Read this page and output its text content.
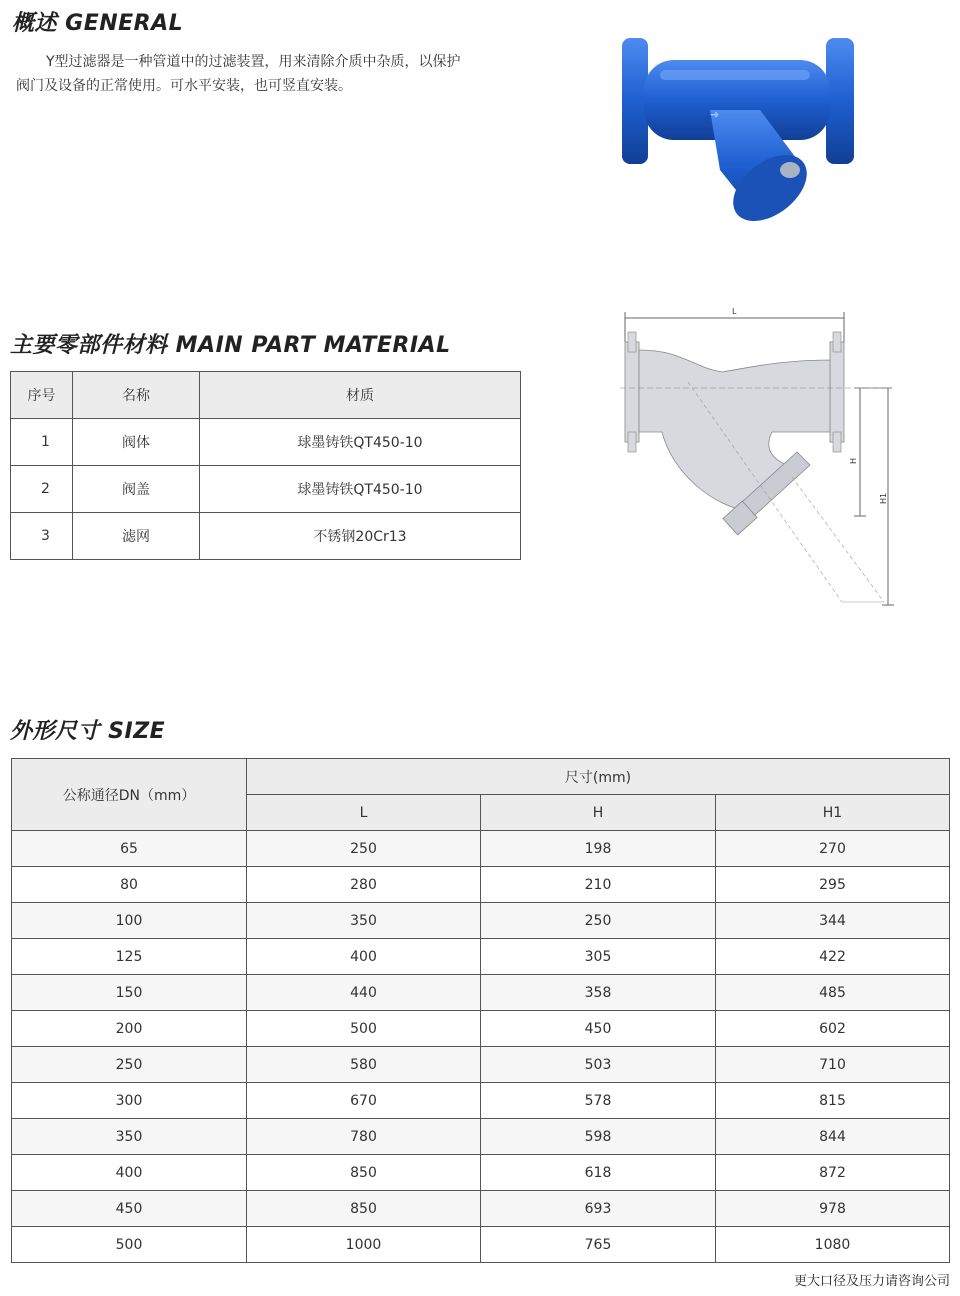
概述 GENERAL

Y型过滤器是一种管道中的过滤装置，用来清除介质中杂质，以保护
阀门及设备的正常使用。可水平安装，也可竖直安装。

➜
L
H
H1
主要零部件材料 MAIN PART MATERIAL
序号	名称	材质
1	阀体	球墨铸铁QT450-10
2	阀盖	球墨铸铁QT450-10
3	滤网	不锈钢20Cr13
外形尺寸 SIZE
公称通径DN（mm）	尺寸(mm)		
	L	H	H1
65	250	198	270
80	280	210	295
100	350	250	344
125	400	305	422
150	440	358	485
200	500	450	602
250	580	503	710
300	670	578	815
350	780	598	844
400	850	618	872
450	850	693	978
500	1000	765	1080

更大口径及压力请咨询公司
